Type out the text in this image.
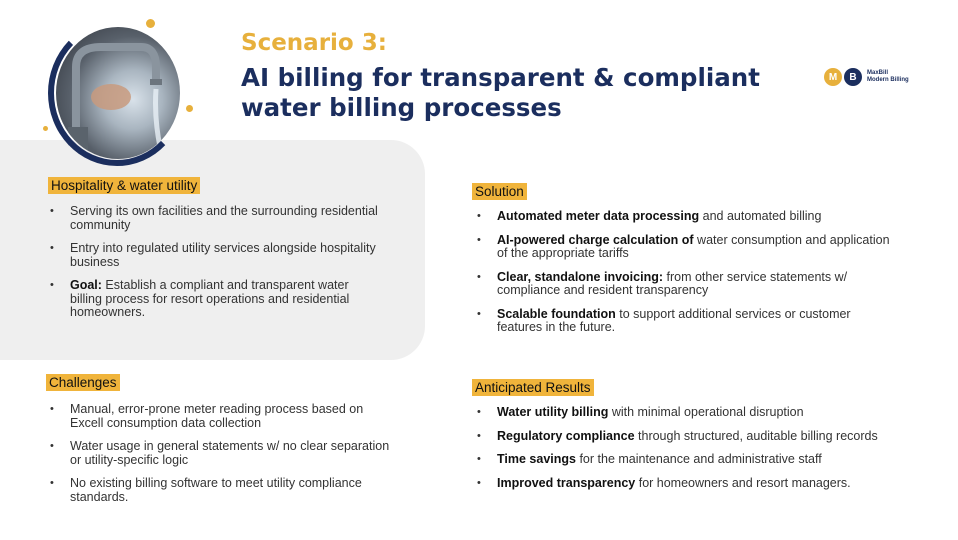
Scenario 3:
AI billing for transparent & compliant water billing processes
M	B	MaxBill
Modern Billing
Hospitality & water utility
• Serving its own facilities and the surrounding residential community
• Entry into regulated utility services alongside hospitality business
• Goal: Establish a compliant and transparent water billing process for resort operations and residential homeowners.
Challenges
• Manual, error-prone meter reading process based on Excell consumption data collection
• Water usage in general statements w/ no clear separation or utility-specific logic
• No existing billing software to meet utility compliance standards.
Solution
• Automated meter data processing and automated billing
• AI-powered charge calculation of water consumption and application of the appropriate tariffs
• Clear, standalone invoicing: from other service statements w/ compliance and resident transparency
• Scalable foundation to support additional services or customer features in the future.
Anticipated Results
• Water utility billing with minimal operational disruption
• Regulatory compliance through structured, auditable billing records
• Time savings for the maintenance and administrative staff
• Improved transparency for homeowners and resort managers.
